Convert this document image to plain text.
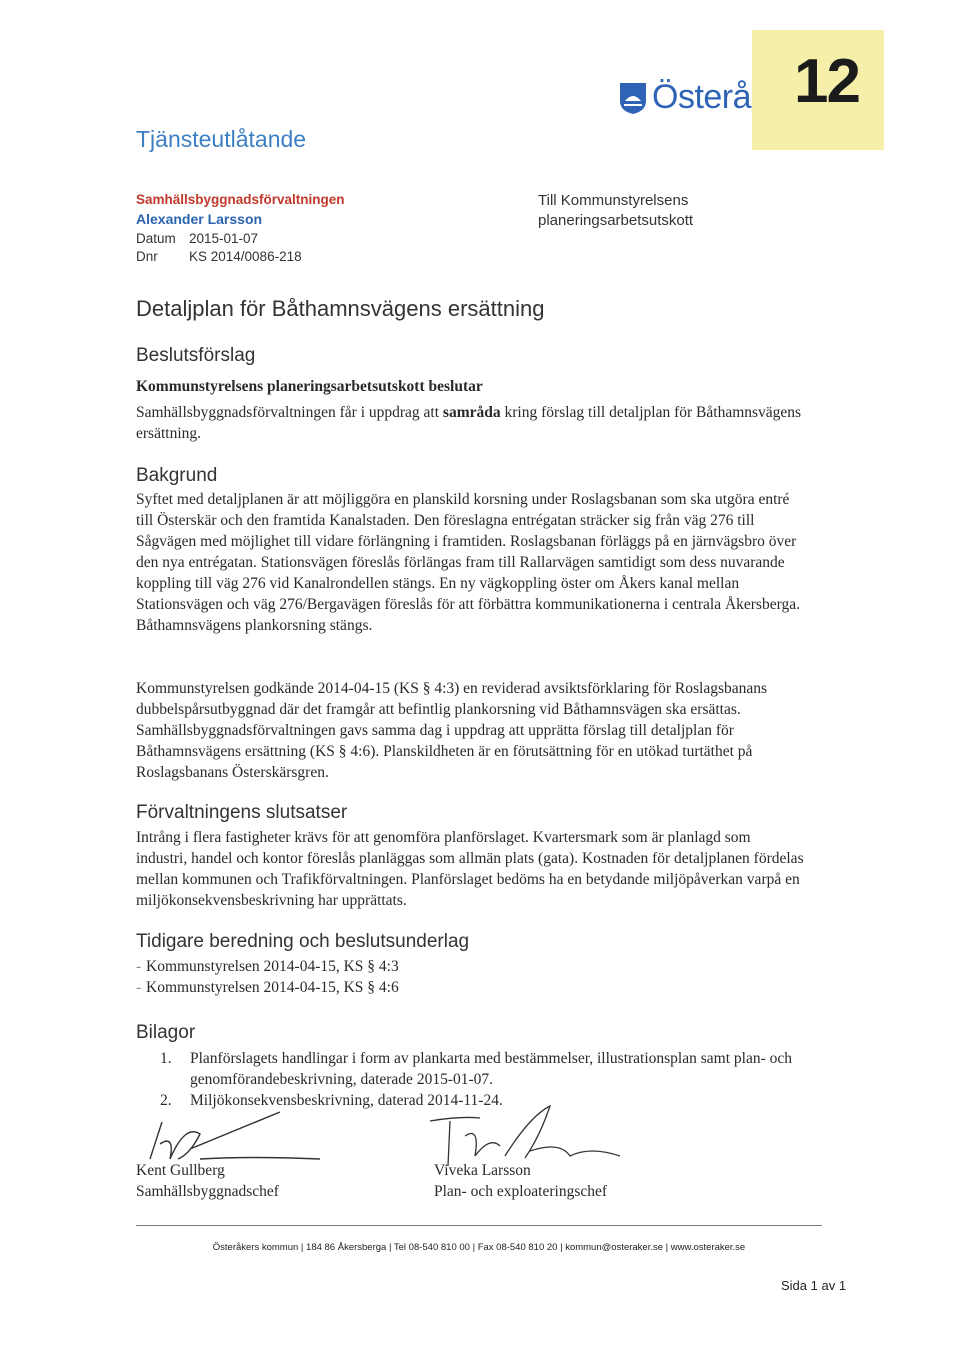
Österå 12
Tjänsteutlåtande
Samhällsbyggnadsförvaltningen
Alexander Larsson
Datum 2015-01-07
Dnr KS 2014/0086-218
Till Kommunstyrelsens
planeringsarbetsutskott
Detaljplan för Båthamnsvägens ersättning
Beslutsförslag
Kommunstyrelsens planeringsarbetsutskott beslutar
Samhällsbyggnadsförvaltningen får i uppdrag att samråda kring förslag till detaljplan för Båthamnsvägens ersättning.
Bakgrund
Syftet med detaljplanen är att möjliggöra en planskild korsning under Roslagsbanan som ska utgöra entré till Österskär och den framtida Kanalstaden. Den föreslagna entrégatan sträcker sig från väg 276 till Sågvägen med möjlighet till vidare förlängning i framtiden. Roslagsbanan förläggs på en järnvägsbro över den nya entrégatan. Stationsvägen föreslås förlängas fram till Rallarvägen samtidigt som dess nuvarande koppling till väg 276 vid Kanalrondellen stängs. En ny vägkoppling öster om Åkers kanal mellan Stationsvägen och väg 276/Bergavägen föreslås för att förbättra kommunikationerna i centrala Åkersberga. Båthamnsvägens plankorsning stängs.
Kommunstyrelsen godkände 2014-04-15 (KS § 4:3) en reviderad avsiktsförklaring för Roslagsbanans dubbelspårsutbyggnad där det framgår att befintlig plankorsning vid Båthamnsvägen ska ersättas. Samhällsbyggnadsförvaltningen gavs samma dag i uppdrag att upprätta förslag till detaljplan för Båthamnsvägens ersättning (KS § 4:6). Planskildheten är en förutsättning för en utökad turtäthet på Roslagsbanans Österskärsgren.
Förvaltningens slutsatser
Intrång i flera fastigheter krävs för att genomföra planförslaget. Kvartersmark som är planlagd som industri, handel och kontor föreslås planläggas som allmän plats (gata). Kostnaden för detaljplanen fördelas mellan kommunen och Trafikförvaltningen. Planförslaget bedöms ha en betydande miljöpåverkan varpå en miljökonsekvensbeskrivning har upprättats.
Tidigare beredning och beslutsunderlag
- Kommunstyrelsen 2014-04-15, KS § 4:3
- Kommunstyrelsen 2014-04-15, KS § 4:6
Bilagor
1.	Planförslagets handlingar i form av plankarta med bestämmelser, illustrationsplan samt plan- och genomförandebeskrivning, daterade 2015-01-07.
2.	Miljökonsekvensbeskrivning, daterad 2014-11-24.
Kent Gullberg
Samhällsbyggnadschef
Viveka Larsson
Plan- och exploateringschef
Österåkers kommun | 184 86 Åkersberga | Tel 08-540 810 00 | Fax 08-540 810 20 | kommun@osteraker.se | www.osteraker.se
Sida 1 av 1
